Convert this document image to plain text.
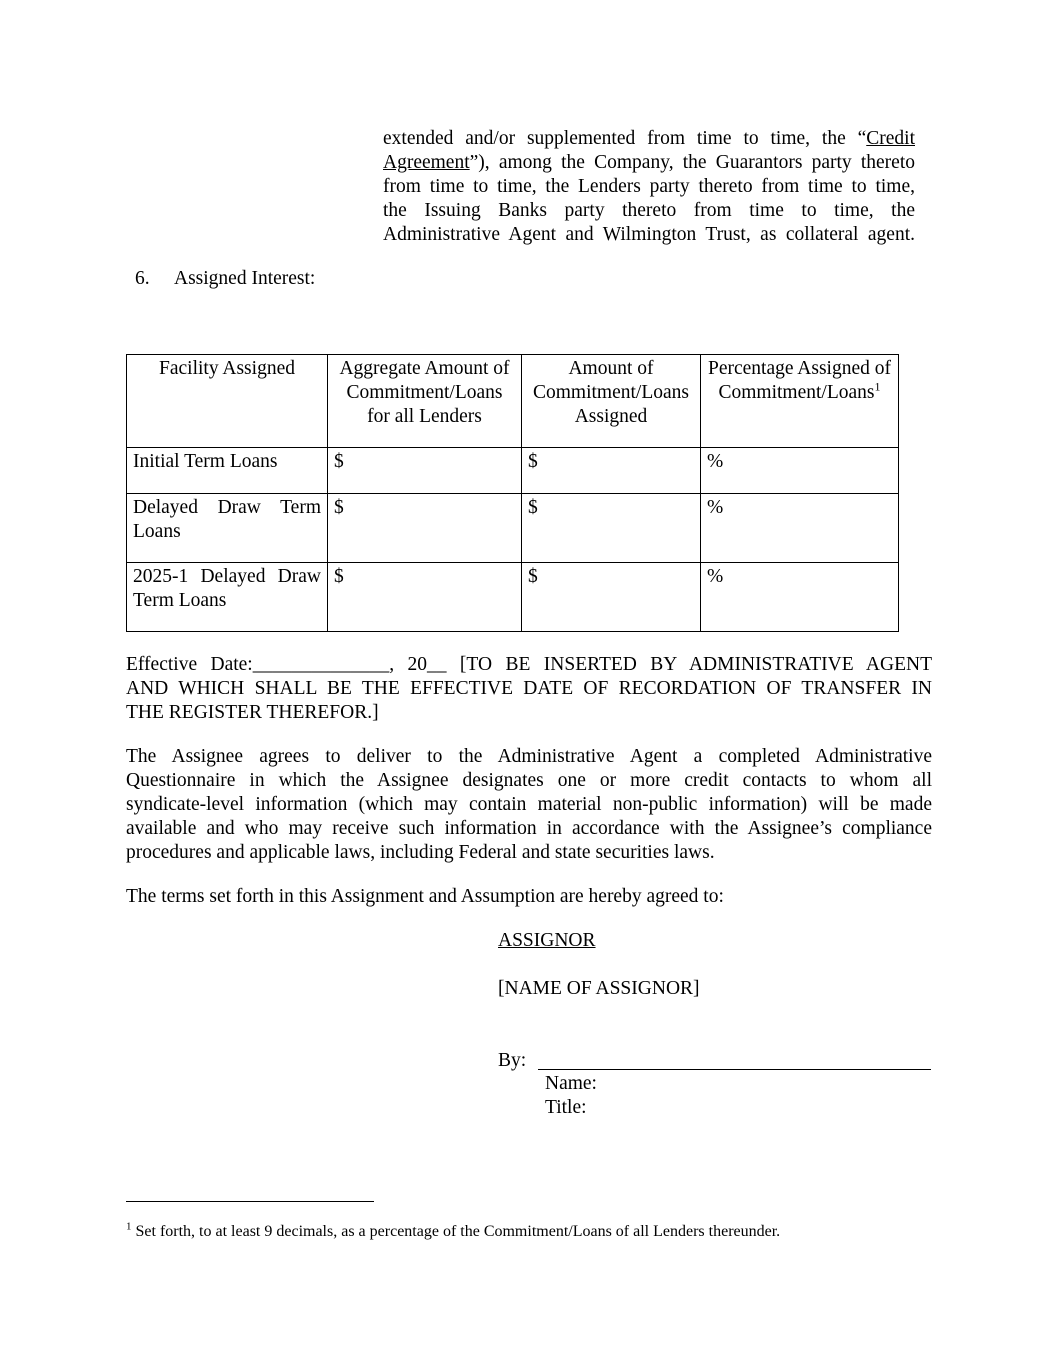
extended and/or supplemented from time to time, the “Credit
Agreement”), among the Company, the Guarantors party thereto
from time to time, the Lenders party thereto from time to time,
the Issuing Banks party thereto from time to time, the
Administrative Agent and Wilmington Trust, as collateral agent.
6. Assigned Interest:
Facility Assigned	Aggregate Amount of Commitment/Loans for all Lenders	Amount of Commitment/Loans Assigned	Percentage Assigned of Commitment/Loans$^1$
Initial Term Loans	$	$	%
Delayed Draw Term Loans	$	$	%
2025-1 Delayed Draw Term Loans	$	$	%
Effective Date:______________, 20__ [TO BE INSERTED BY ADMINISTRATIVE AGENT
AND WHICH SHALL BE THE EFFECTIVE DATE OF RECORDATION OF TRANSFER IN
THE REGISTER THEREFOR.]
The Assignee agrees to deliver to the Administrative Agent a completed Administrative
Questionnaire in which the Assignee designates one or more credit contacts to whom all
syndicate-level information (which may contain material non-public information) will be made
available and who may receive such information in accordance with the Assignee’s compliance
procedures and applicable laws, including Federal and state securities laws.
The terms set forth in this Assignment and Assumption are hereby agreed to:
ASSIGNOR
[NAME OF ASSIGNOR]
By:
Name:
Title:
$^1$ Set forth, to at least 9 decimals, as a percentage of the Commitment/Loans of all Lenders thereunder.
